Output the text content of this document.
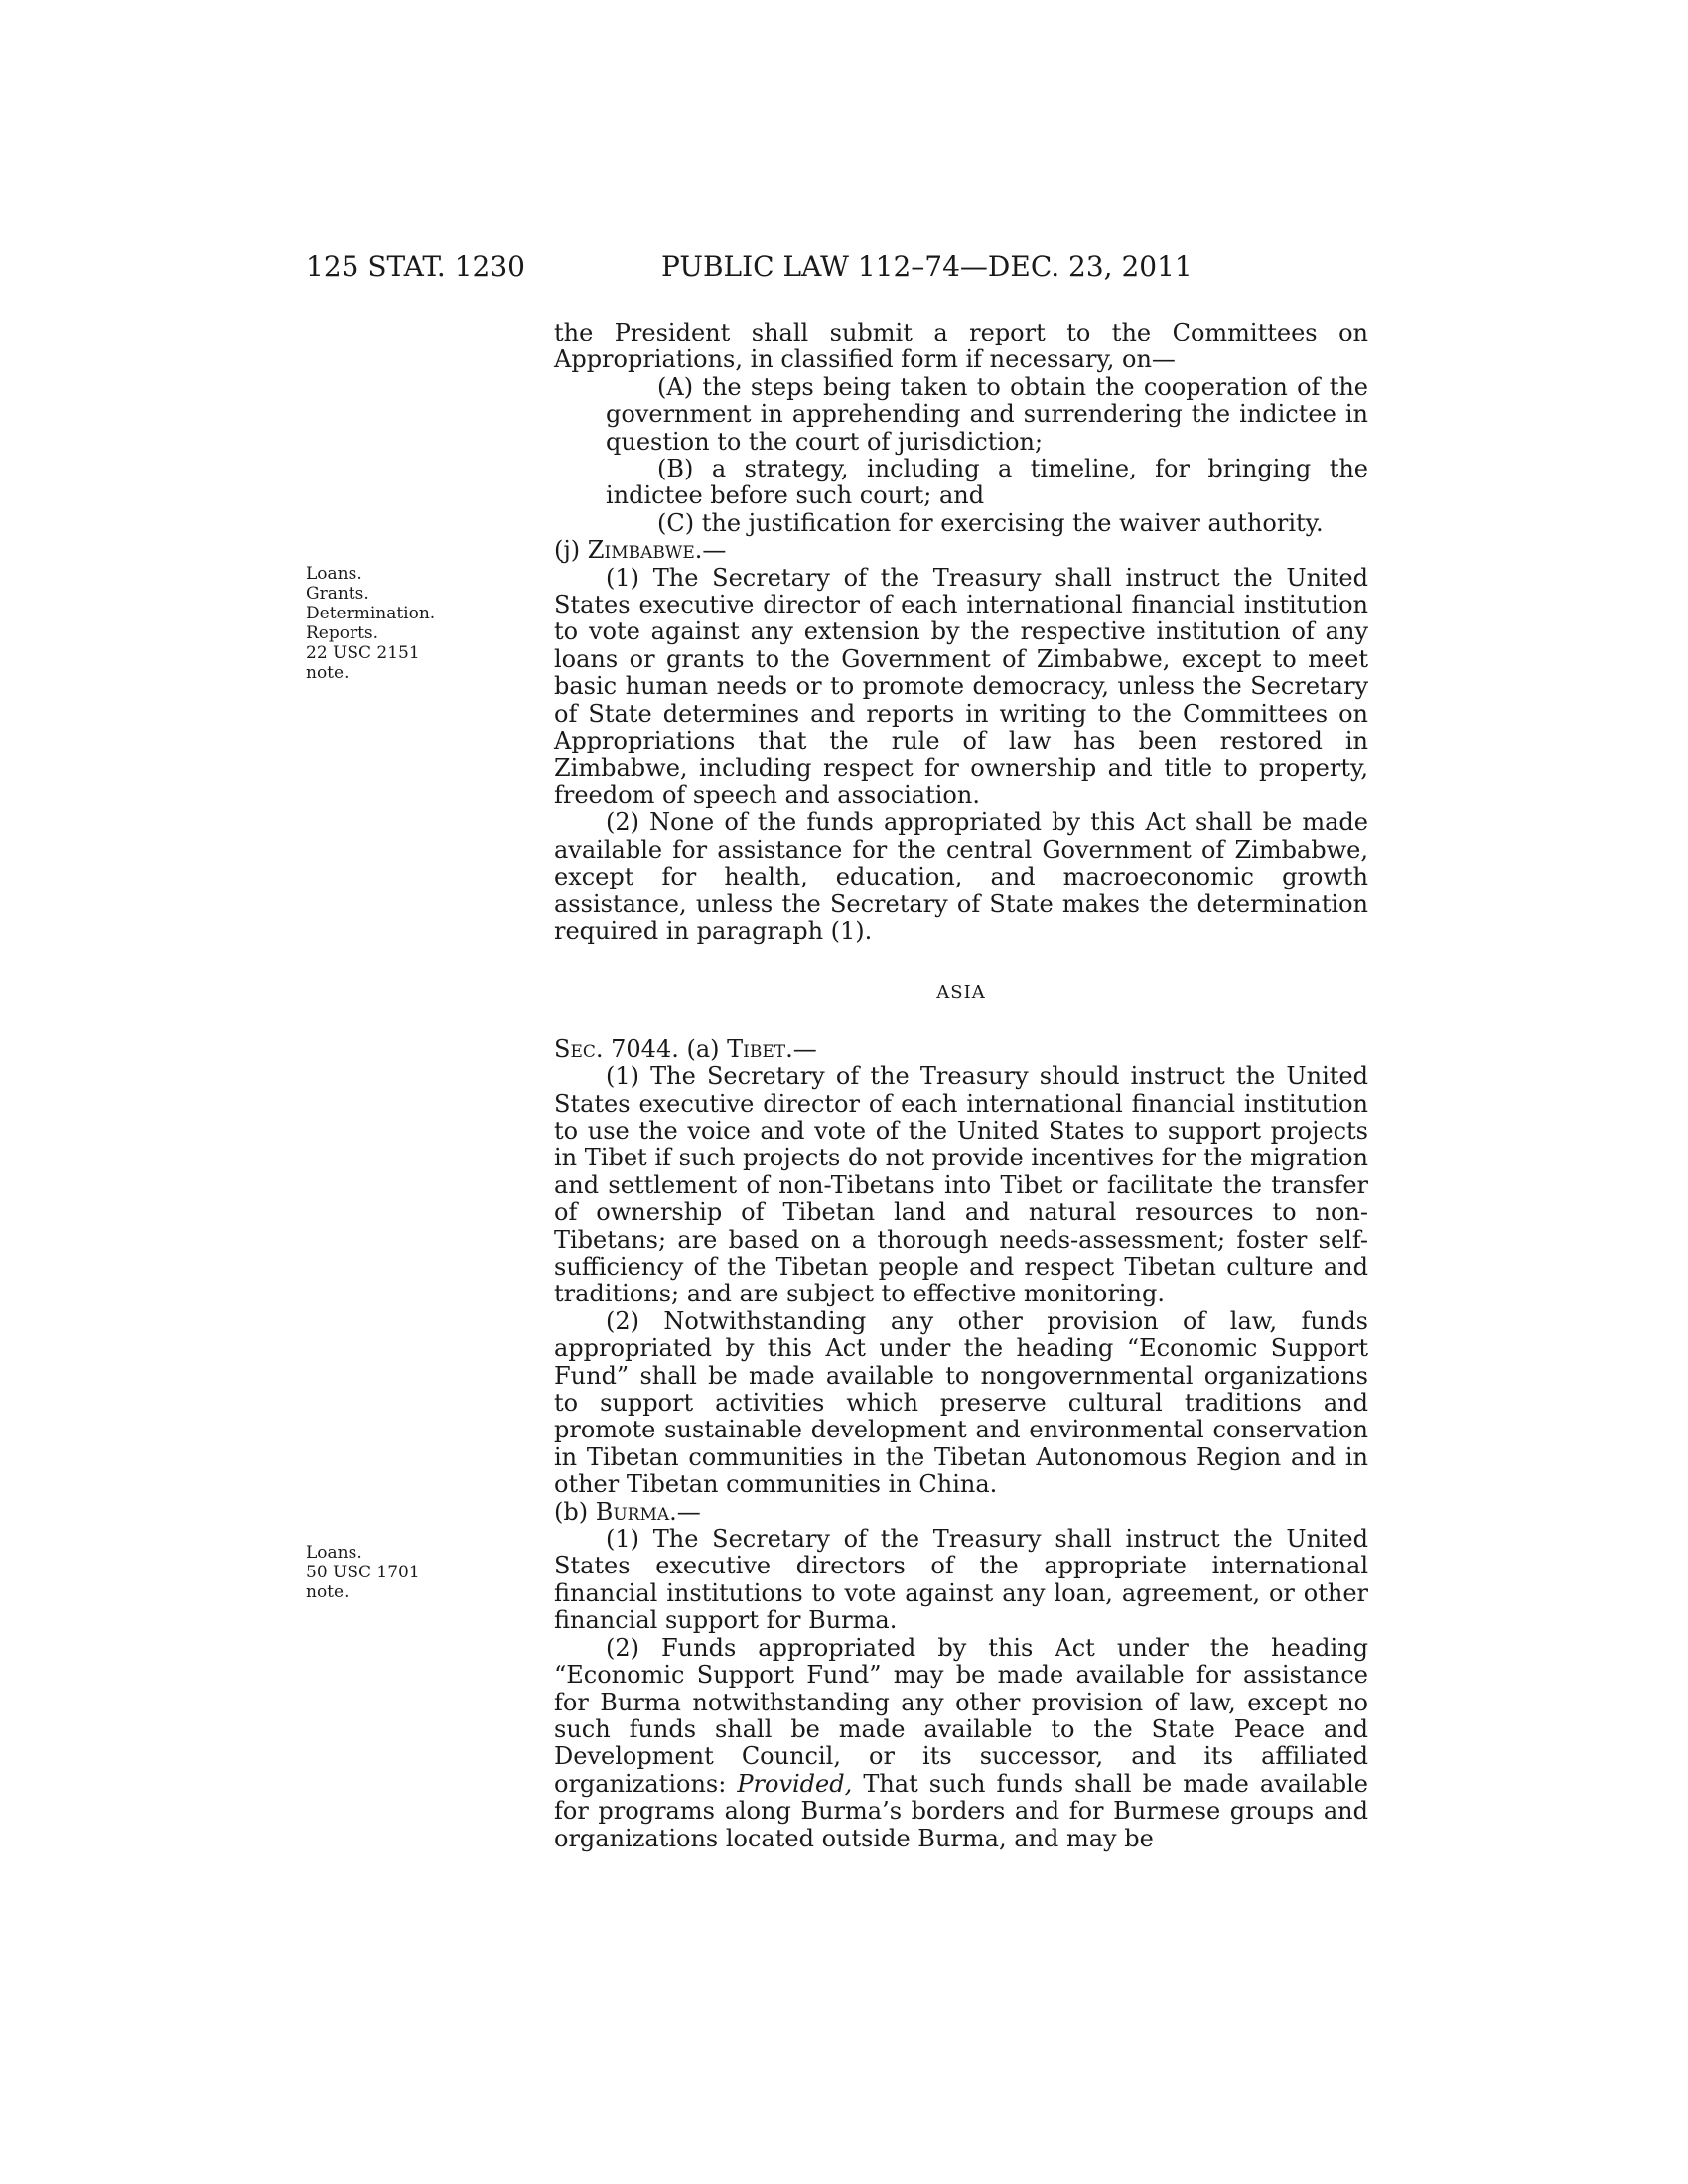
125 STAT. 1230	PUBLIC LAW 112–74—DEC. 23, 2011
Loans.
Grants.
Determination.
Reports.
22 USC 2151
note.
Loans.
50 USC 1701
note.

the President shall submit a report to the Committees on Appropriations, in classified form if necessary, on—

(A) the steps being taken to obtain the cooperation of the government in apprehending and surrendering the indictee in question to the court of jurisdiction;

(B) a strategy, including a timeline, for bringing the indictee before such court; and

(C) the justification for exercising the waiver authority.

(j) Zimbabwe.—

(1) The Secretary of the Treasury shall instruct the United States executive director of each international financial institution to vote against any extension by the respective institution of any loans or grants to the Government of Zimbabwe, except to meet basic human needs or to promote democracy, unless the Secretary of State determines and reports in writing to the Committees on Appropriations that the rule of law has been restored in Zimbabwe, including respect for ownership and title to property, freedom of speech and association.

(2) None of the funds appropriated by this Act shall be made available for assistance for the central Government of Zimbabwe, except for health, education, and macroeconomic growth assistance, unless the Secretary of State makes the determination required in paragraph (1).

ASIA

Sec. 7044. (a) Tibet.—

(1) The Secretary of the Treasury should instruct the United States executive director of each international financial institution to use the voice and vote of the United States to support projects in Tibet if such projects do not provide incentives for the migration and settlement of non-Tibetans into Tibet or facilitate the transfer of ownership of Tibetan land and natural resources to non-Tibetans; are based on a thorough needs-assessment; foster self-sufficiency of the Tibetan people and respect Tibetan culture and traditions; and are subject to effective monitoring.

(2) Notwithstanding any other provision of law, funds appropriated by this Act under the heading “Economic Support Fund” shall be made available to nongovernmental organizations to support activities which preserve cultural traditions and promote sustainable development and environmental conservation in Tibetan communities in the Tibetan Autonomous Region and in other Tibetan communities in China.

(b) Burma.—

(1) The Secretary of the Treasury shall instruct the United States executive directors of the appropriate international financial institutions to vote against any loan, agreement, or other financial support for Burma.

(2) Funds appropriated by this Act under the heading “Economic Support Fund” may be made available for assistance for Burma notwithstanding any other provision of law, except no such funds shall be made available to the State Peace and Development Council, or its successor, and its affiliated organizations: Provided, That such funds shall be made available for programs along Burma’s borders and for Burmese groups and organizations located outside Burma, and may be
